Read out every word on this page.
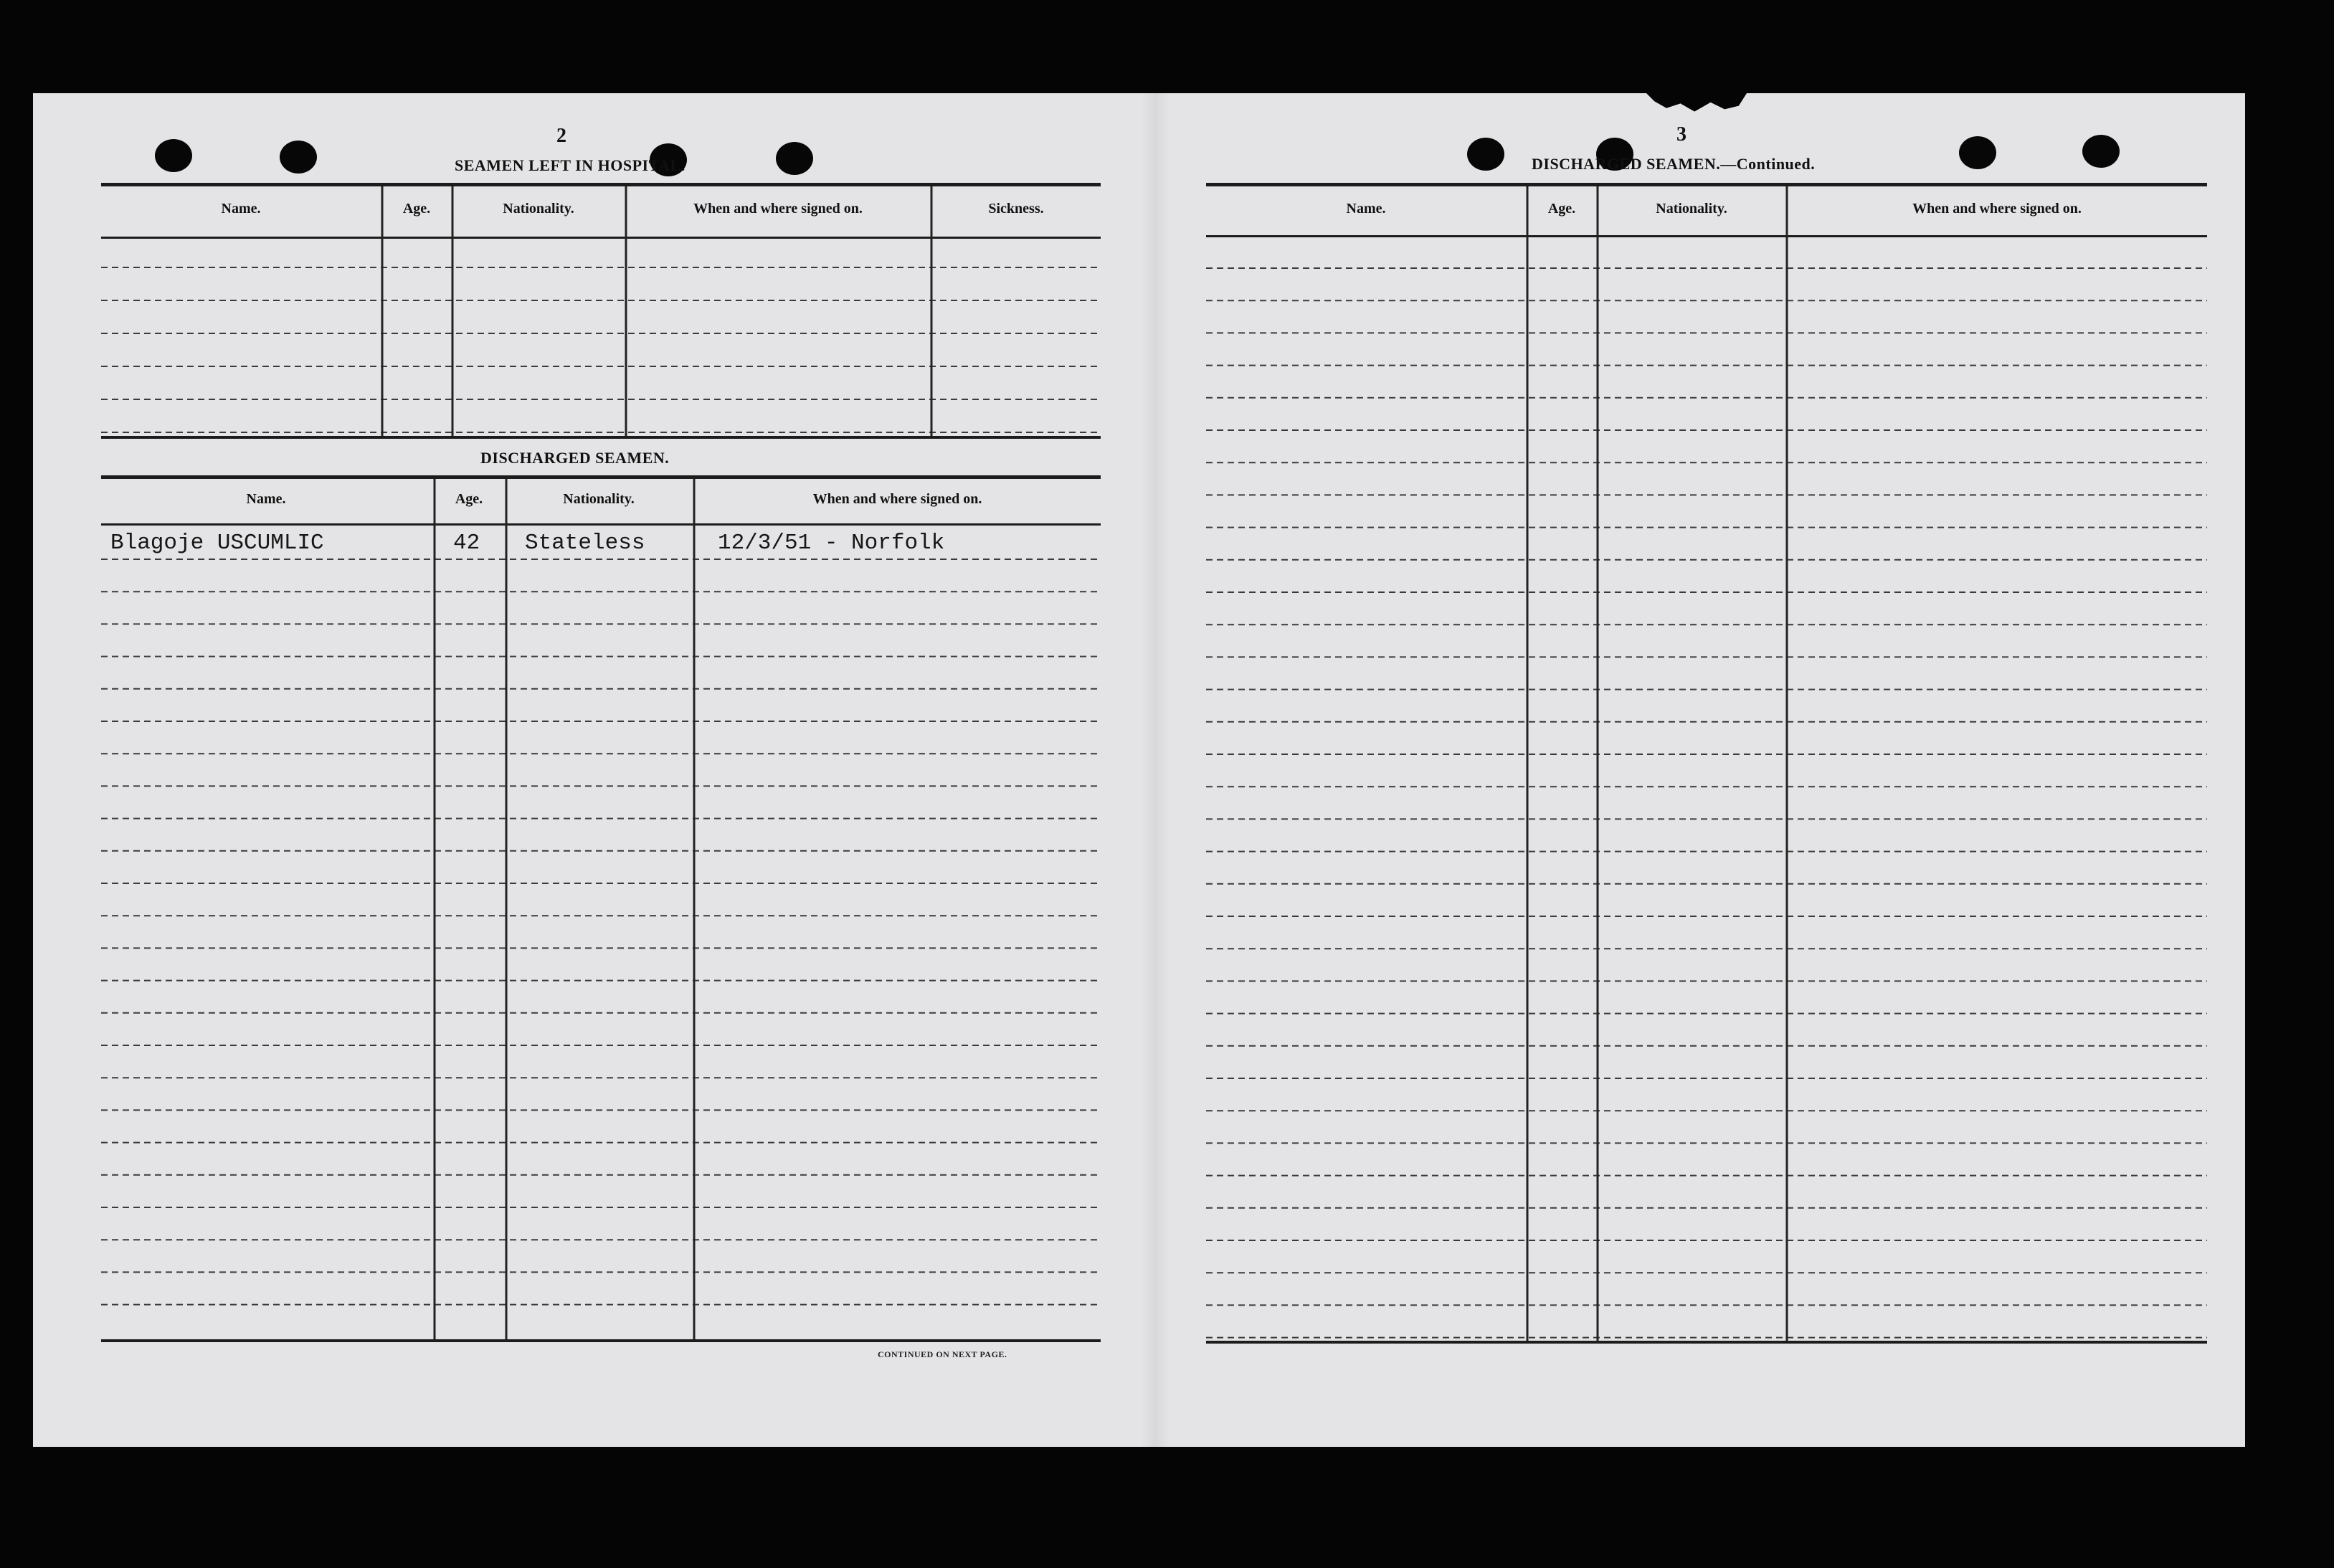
2
SEAMEN LEFT IN HOSPITAL.
Name.	Age.	Nationality.	When and where signed on.	Sickness.
DISCHARGED SEAMEN.
Name.	Age.	Nationality.	When and where signed on.
Blagoje USCUMLIC	42 Stateless	12/3/51 - Norfolk
CONTINUED ON NEXT PAGE.
3
DISCHARGED SEAMEN.—Continued.
Name.	Age.	Nationality.	When and where signed on.
